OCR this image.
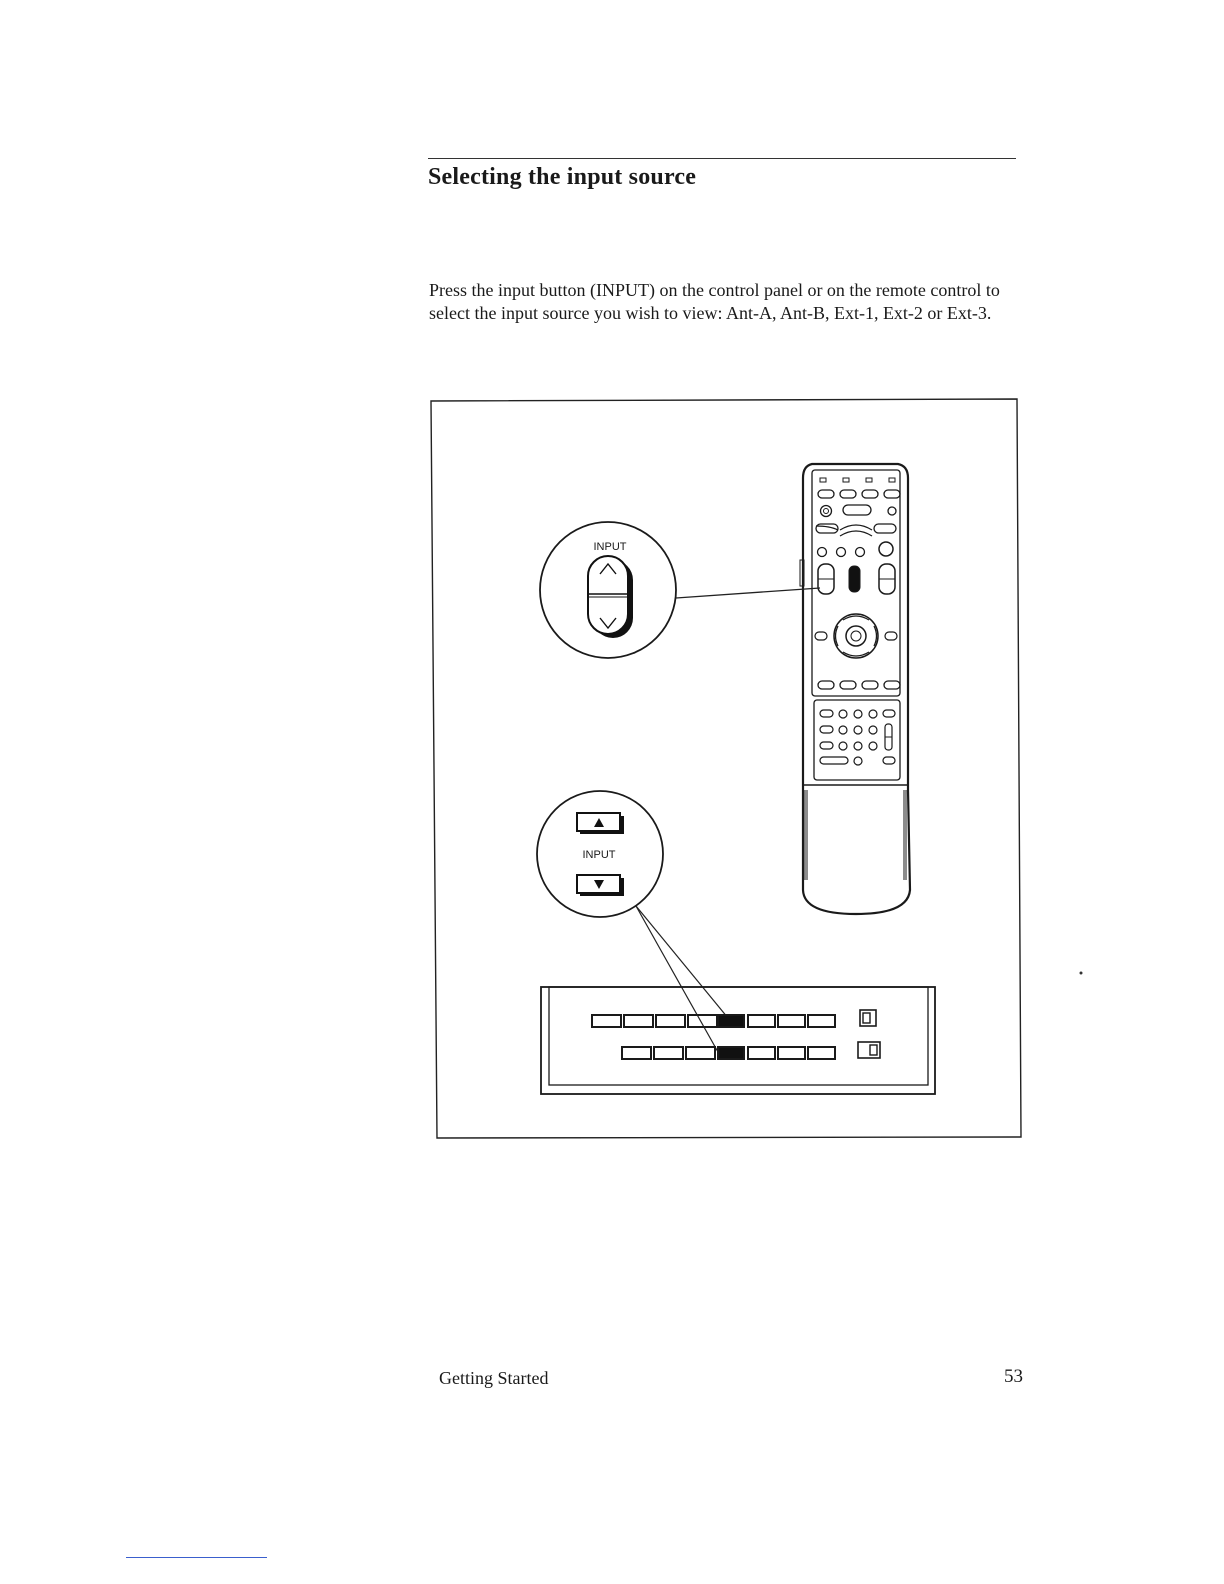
Selecting the input source

Press the input button (INPUT) on the control panel or on the remote control to select the input source you wish to view: Ant-A, Ant-B, Ext-1, Ext-2 or Ext-3.

INPUT
INPUT
Getting Started	53
